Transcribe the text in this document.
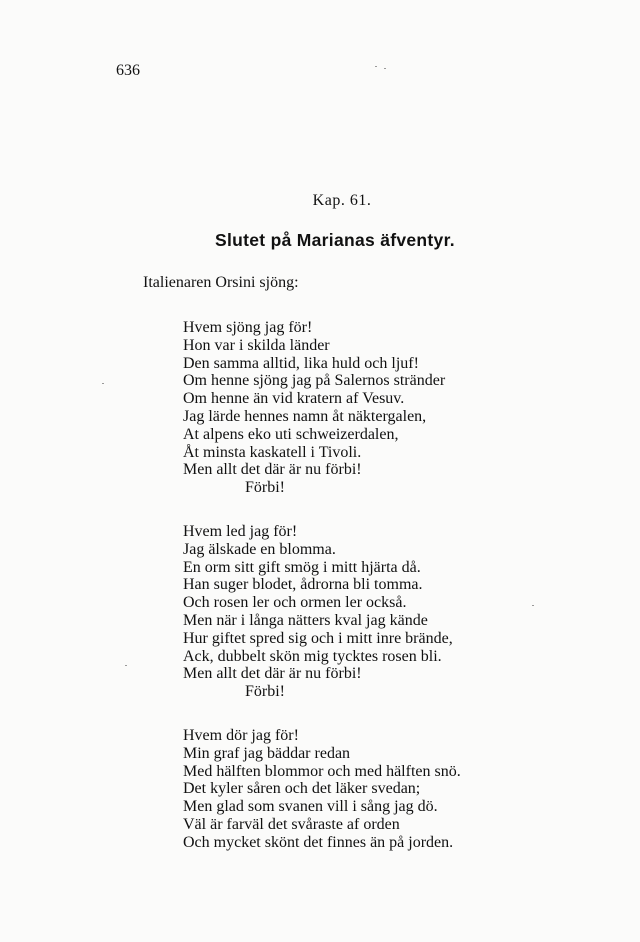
636
Kap. 61.
Slutet på Marianas äfventyr.
Italienaren Orsini sjöng:
Hvem sjöng jag för!
Hon var i skilda länder
Den samma alltid, lika huld och ljuf!
Om henne sjöng jag på Salernos stränder
Om henne än vid kratern af Vesuv.
Jag lärde hennes namn åt näktergalen,
At alpens eko uti schweizerdalen,
Åt minsta kaskatell i Tivoli.
Men allt det där är nu förbi!
Förbi!
Hvem led jag för!
Jag älskade en blomma.
En orm sitt gift smög i mitt hjärta då.
Han suger blodet, ådrorna bli tomma.
Och rosen ler och ormen ler också.
Men när i långa nätters kval jag kände
Hur giftet spred sig och i mitt inre brände,
Ack, dubbelt skön mig tycktes rosen bli.
Men allt det där är nu förbi!
Förbi!
Hvem dör jag för!
Min graf jag bäddar redan
Med hälften blommor och med hälften snö.
Det kyler såren och det läker svedan;
Men glad som svanen vill i sång jag dö.
Väl är farväl det svåraste af orden
Och mycket skönt det finnes än på jorden.
